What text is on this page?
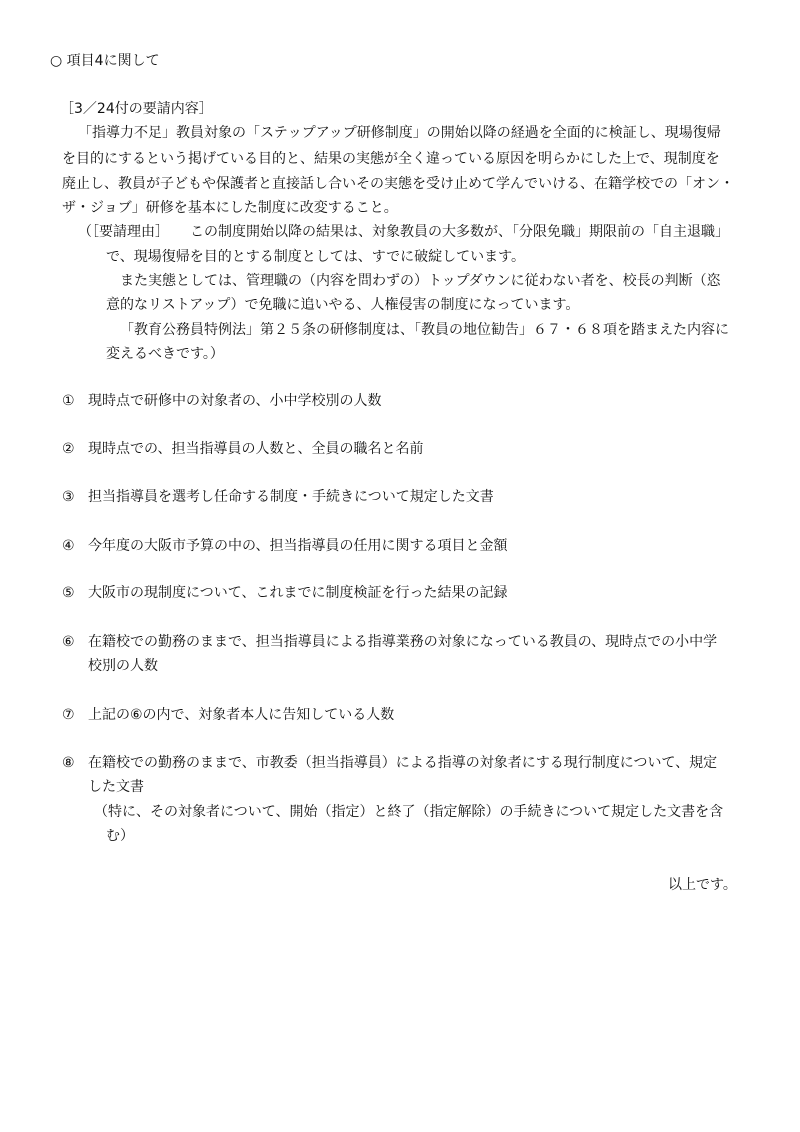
○ 項目4に関して
［3／24付の要請内容］
「指導力不足」教員対象の「ステップアップ研修制度」の開始以降の経過を全面的に検証し、現場復帰
を目的にするという掲げている目的と、結果の実態が全く違っている原因を明らかにした上で、現制度を
廃止し、教員が子どもや保護者と直接話し合いその実態を受け止めて学んでいける、在籍学校での「オン・
ザ・ジョブ」研修を基本にした制度に改変すること。
（［要請理由］　　この制度開始以降の結果は、対象教員の大多数が、「分限免職」期限前の「自主退職」
で、現場復帰を目的とする制度としては、すでに破綻しています。
また実態としては、管理職の（内容を問わずの）トップダウンに従わない者を、校長の判断（恣
意的なリストアップ）で免職に追いやる、人権侵害の制度になっています。
「教育公務員特例法」第２５条の研修制度は、「教員の地位勧告」６７・６８項を踏まえた内容に
変えるべきです。）
① 現時点で研修中の対象者の、小中学校別の人数
② 現時点での、担当指導員の人数と、全員の職名と名前
③ 担当指導員を選考し任命する制度・手続きについて規定した文書
④ 今年度の大阪市予算の中の、担当指導員の任用に関する項目と金額
⑤ 大阪市の現制度について、これまでに制度検証を行った結果の記録
⑥ 在籍校での勤務のままで、担当指導員による指導業務の対象になっている教員の、現時点での小中学
校別の人数
⑦ 上記の⑥の内で、対象者本人に告知している人数
⑧ 在籍校での勤務のままで、市教委（担当指導員）による指導の対象者にする現行制度について、規定
した文書
（特に、その対象者について、開始（指定）と終了（指定解除）の手続きについて規定した文書を含
む）
以上です。
